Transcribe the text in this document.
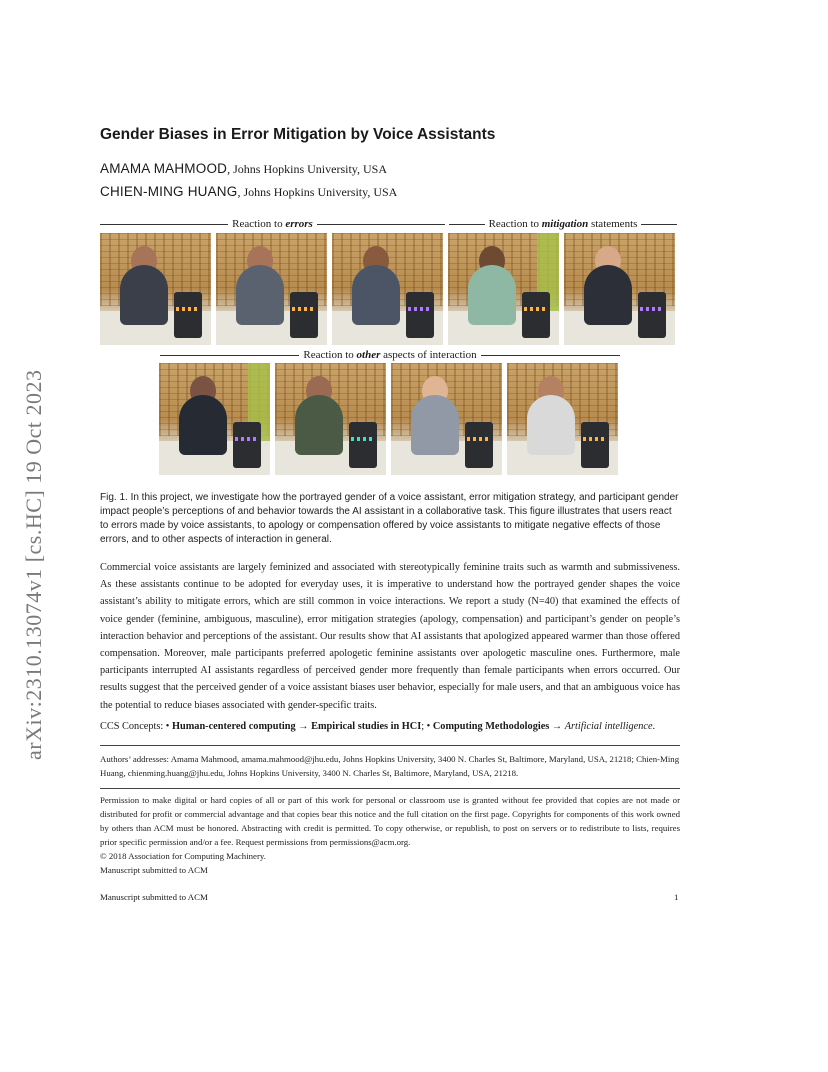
arXiv:2310.13074v1 [cs.HC] 19 Oct 2023
Gender Biases in Error Mitigation by Voice Assistants
AMAMA MAHMOOD, Johns Hopkins University, USA
CHIEN-MING HUANG, Johns Hopkins University, USA
Reaction to errors	Reaction to mitigation statements
Reaction to other aspects of interaction
Fig. 1. In this project, we investigate how the portrayed gender of a voice assistant, error mitigation strategy, and participant gender impact people’s perceptions of and behavior towards the AI assistant in a collaborative task. This figure illustrates that users react to errors made by voice assistants, to apology or compensation offered by voice assistants to mitigate negative effects of those errors, and to other aspects of interaction in general.
Commercial voice assistants are largely feminized and associated with stereotypically feminine traits such as warmth and submissiveness. As these assistants continue to be adopted for everyday uses, it is imperative to understand how the portrayed gender shapes the voice assistant’s ability to mitigate errors, which are still common in voice interactions. We report a study (N=40) that examined the effects of voice gender (feminine, ambiguous, masculine), error mitigation strategies (apology, compensation) and participant’s gender on people’s interaction behavior and perceptions of the assistant. Our results show that AI assistants that apologized appeared warmer than those offered compensation. Moreover, male participants preferred apologetic feminine assistants over apologetic masculine ones. Furthermore, male participants interrupted AI assistants regardless of perceived gender more frequently than female participants when errors occurred. Our results suggest that the perceived gender of a voice assistant biases user behavior, especially for male users, and that an ambiguous voice has the potential to reduce biases associated with gender-specific traits.
CCS Concepts: • Human-centered computing → Empirical studies in HCI; • Computing Methodologies → Artificial intelligence.
Authors’ addresses: Amama Mahmood, amama.mahmood@jhu.edu, Johns Hopkins University, 3400 N. Charles St, Baltimore, Maryland, USA, 21218; Chien-Ming Huang, chienming.huang@jhu.edu, Johns Hopkins University, 3400 N. Charles St, Baltimore, Maryland, USA, 21218.
Permission to make digital or hard copies of all or part of this work for personal or classroom use is granted without fee provided that copies are not made or distributed for profit or commercial advantage and that copies bear this notice and the full citation on the first page. Copyrights for components of this work owned by others than ACM must be honored. Abstracting with credit is permitted. To copy otherwise, or republish, to post on servers or to redistribute to lists, requires prior specific permission and/or a fee. Request permissions from permissions@acm.org.
© 2018 Association for Computing Machinery.
Manuscript submitted to ACM
Manuscript submitted to ACM	1
